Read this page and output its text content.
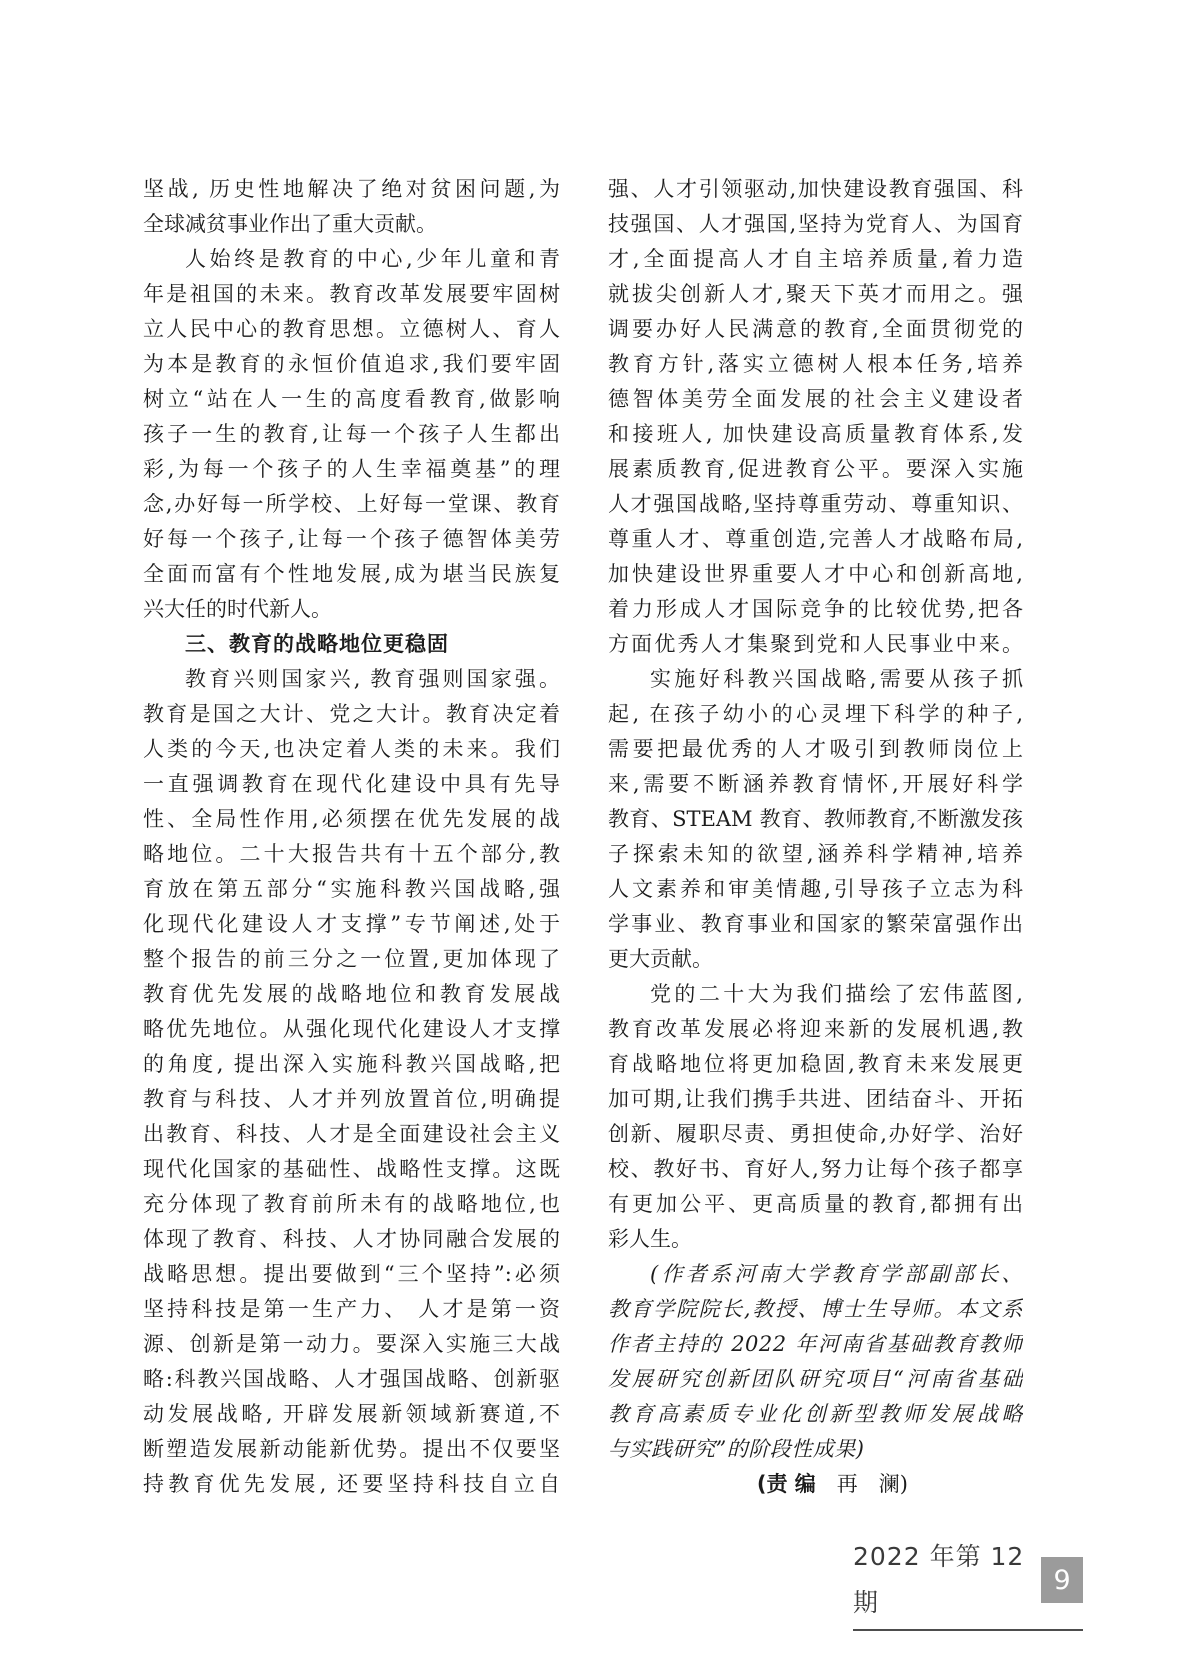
坚战, 历史性地解决了绝对贫困问题,为
全球减贫事业作出了重大贡献。
人始终是教育的中心,少年儿童和青
年是祖国的未来。教育改革发展要牢固树
立人民中心的教育思想。立德树人、育人
为本是教育的永恒价值追求,我们要牢固
树立“站在人一生的高度看教育,做影响
孩子一生的教育,让每一个孩子人生都出
彩,为每一个孩子的人生幸福奠基”的理
念,办好每一所学校、上好每一堂课、教育
好每一个孩子,让每一个孩子德智体美劳
全面而富有个性地发展,成为堪当民族复
兴大任的时代新人。
三、教育的战略地位更稳固
教育兴则国家兴, 教育强则国家强。
教育是国之大计、党之大计。教育决定着
人类的今天,也决定着人类的未来。我们
一直强调教育在现代化建设中具有先导
性、全局性作用,必须摆在优先发展的战
略地位。二十大报告共有十五个部分,教
育放在第五部分“实施科教兴国战略,强
化现代化建设人才支撑”专节阐述,处于
整个报告的前三分之一位置,更加体现了
教育优先发展的战略地位和教育发展战
略优先地位。从强化现代化建设人才支撑
的角度, 提出深入实施科教兴国战略,把
教育与科技、人才并列放置首位,明确提
出教育、科技、人才是全面建设社会主义
现代化国家的基础性、战略性支撑。这既
充分体现了教育前所未有的战略地位,也
体现了教育、科技、人才协同融合发展的
战略思想。提出要做到“三个坚持”:必须
坚持科技是第一生产力、 人才是第一资
源、创新是第一动力。要深入实施三大战
略:科教兴国战略、人才强国战略、创新驱
动发展战略, 开辟发展新领域新赛道,不
断塑造发展新动能新优势。提出不仅要坚
持教育优先发展, 还要坚持科技自立自
强、人才引领驱动,加快建设教育强国、科
技强国、人才强国,坚持为党育人、为国育
才,全面提高人才自主培养质量,着力造
就拔尖创新人才,聚天下英才而用之。强
调要办好人民满意的教育,全面贯彻党的
教育方针,落实立德树人根本任务,培养
德智体美劳全面发展的社会主义建设者
和接班人, 加快建设高质量教育体系,发
展素质教育,促进教育公平。要深入实施
人才强国战略,坚持尊重劳动、尊重知识、
尊重人才、尊重创造,完善人才战略布局,
加快建设世界重要人才中心和创新高地,
着力形成人才国际竞争的比较优势,把各
方面优秀人才集聚到党和人民事业中来。
实施好科教兴国战略,需要从孩子抓
起, 在孩子幼小的心灵埋下科学的种子,
需要把最优秀的人才吸引到教师岗位上
来,需要不断涵养教育情怀,开展好科学
教育、STEAM 教育、教师教育,不断激发孩
子探索未知的欲望,涵养科学精神,培养
人文素养和审美情趣,引导孩子立志为科
学事业、教育事业和国家的繁荣富强作出
更大贡献。
党的二十大为我们描绘了宏伟蓝图,
教育改革发展必将迎来新的发展机遇,教
育战略地位将更加稳固,教育未来发展更
加可期,让我们携手共进、团结奋斗、开拓
创新、履职尽责、勇担使命,办好学、治好
校、教好书、育好人,努力让每个孩子都享
有更加公平、更高质量的教育,都拥有出
彩人生。
(作者系河南大学教育学部副部长、
教育学院院长,教授、博士生导师。本文系
作者主持的 2022 年河南省基础教育教师
发展研究创新团队研究项目“河南省基础
教育高素质专业化创新型教师发展战略
与实践研究”的阶段性成果)
(责 编　再　澜)
2022 年第 12 期
9
